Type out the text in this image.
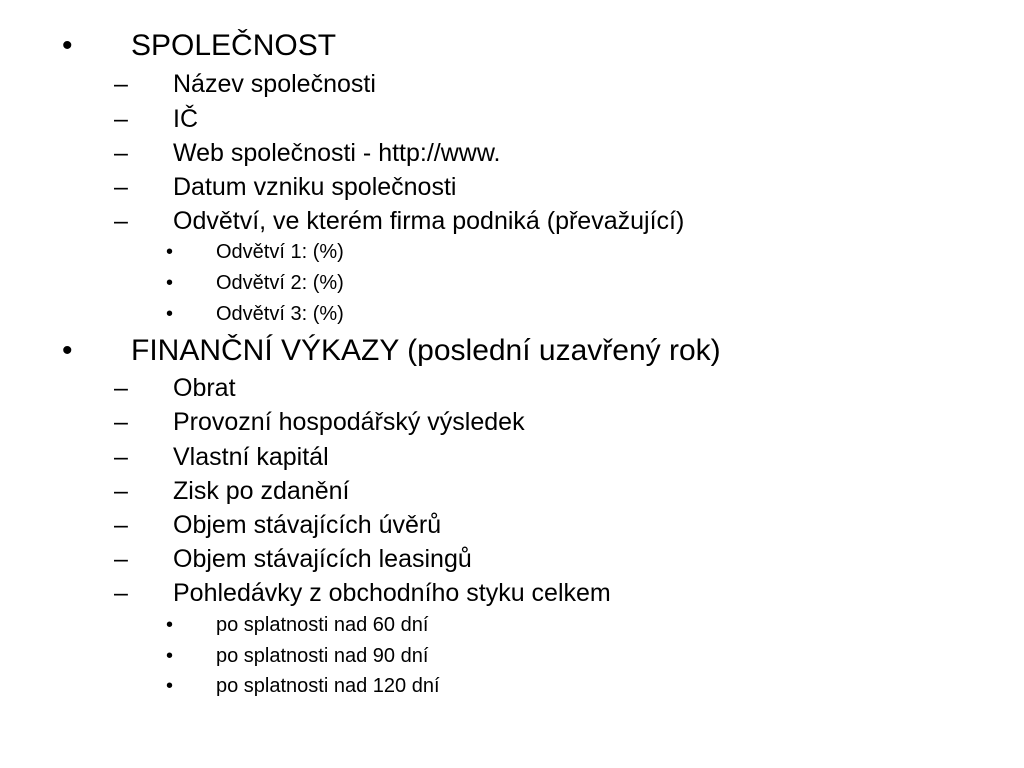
• SPOLEČNOST
– Název společnosti
– IČ
– Web společnosti - http://www.
– Datum vzniku společnosti
– Odvětví, ve kterém firma podniká (převažující)
• Odvětví 1: (%)
• Odvětví 2: (%)
• Odvětví 3: (%)
• FINANČNÍ VÝKAZY (poslední uzavřený rok)
– Obrat
– Provozní hospodářský výsledek
– Vlastní kapitál
– Zisk po zdanění
– Objem stávajících úvěrů
– Objem stávajících leasingů
– Pohledávky z obchodního styku celkem
• po splatnosti nad 60 dní
• po splatnosti nad 90 dní
• po splatnosti nad 120 dní
